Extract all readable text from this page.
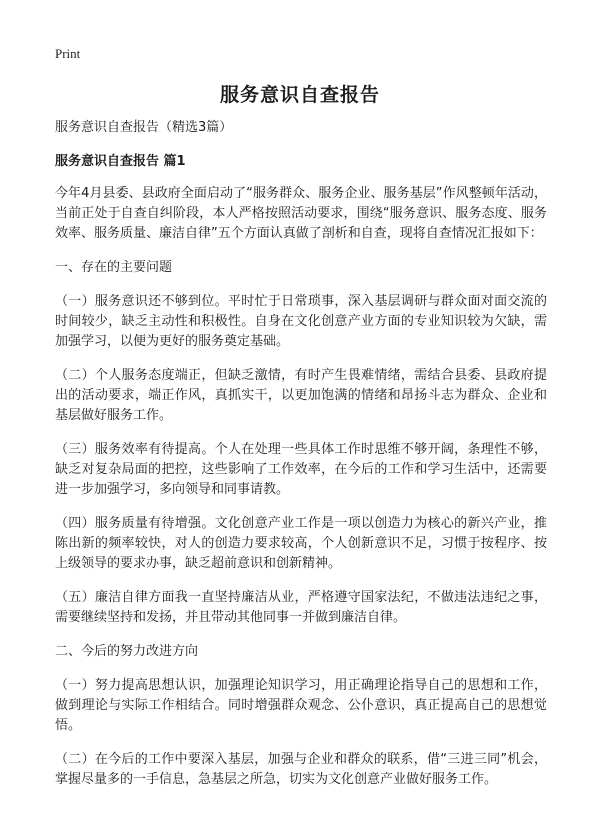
Print
服务意识自查报告

服务意识自查报告（精选3篇）

服务意识自查报告 篇1

今年4月县委、县政府全面启动了“服务群众、服务企业、服务基层”作风整顿年活动，当前正处于自查自纠阶段，本人严格按照活动要求，围绕“服务意识、服务态度、服务效率、服务质量、廉洁自律”五个方面认真做了剖析和自查，现将自查情况汇报如下：

一、存在的主要问题

（一）服务意识还不够到位。平时忙于日常琐事，深入基层调研与群众面对面交流的时间较少，缺乏主动性和积极性。自身在文化创意产业方面的专业知识较为欠缺，需加强学习，以便为更好的服务奠定基础。

（二）个人服务态度端正，但缺乏激情，有时产生畏难情绪，需结合县委、县政府提出的活动要求，端正作风，真抓实干，以更加饱满的情绪和昂扬斗志为群众、企业和基层做好服务工作。

（三）服务效率有待提高。个人在处理一些具体工作时思维不够开阔，条理性不够，缺乏对复杂局面的把控，这些影响了工作效率，在今后的工作和学习生活中，还需要进一步加强学习，多向领导和同事请教。

（四）服务质量有待增强。文化创意产业工作是一项以创造力为核心的新兴产业，推陈出新的频率较快，对人的创造力要求较高，个人创新意识不足，习惯于按程序、按上级领导的要求办事，缺乏超前意识和创新精神。

（五）廉洁自律方面我一直坚持廉洁从业，严格遵守国家法纪，不做违法违纪之事，需要继续坚持和发扬，并且带动其他同事一并做到廉洁自律。

二、今后的努力改进方向

（一）努力提高思想认识，加强理论知识学习，用正确理论指导自己的思想和工作，做到理论与实际工作相结合。同时增强群众观念、公仆意识，真正提高自己的思想觉悟。

（二）在今后的工作中要深入基层，加强与企业和群众的联系，借“三进三同”机会，掌握尽量多的一手信息，急基层之所急，切实为文化创意产业做好服务工作。
